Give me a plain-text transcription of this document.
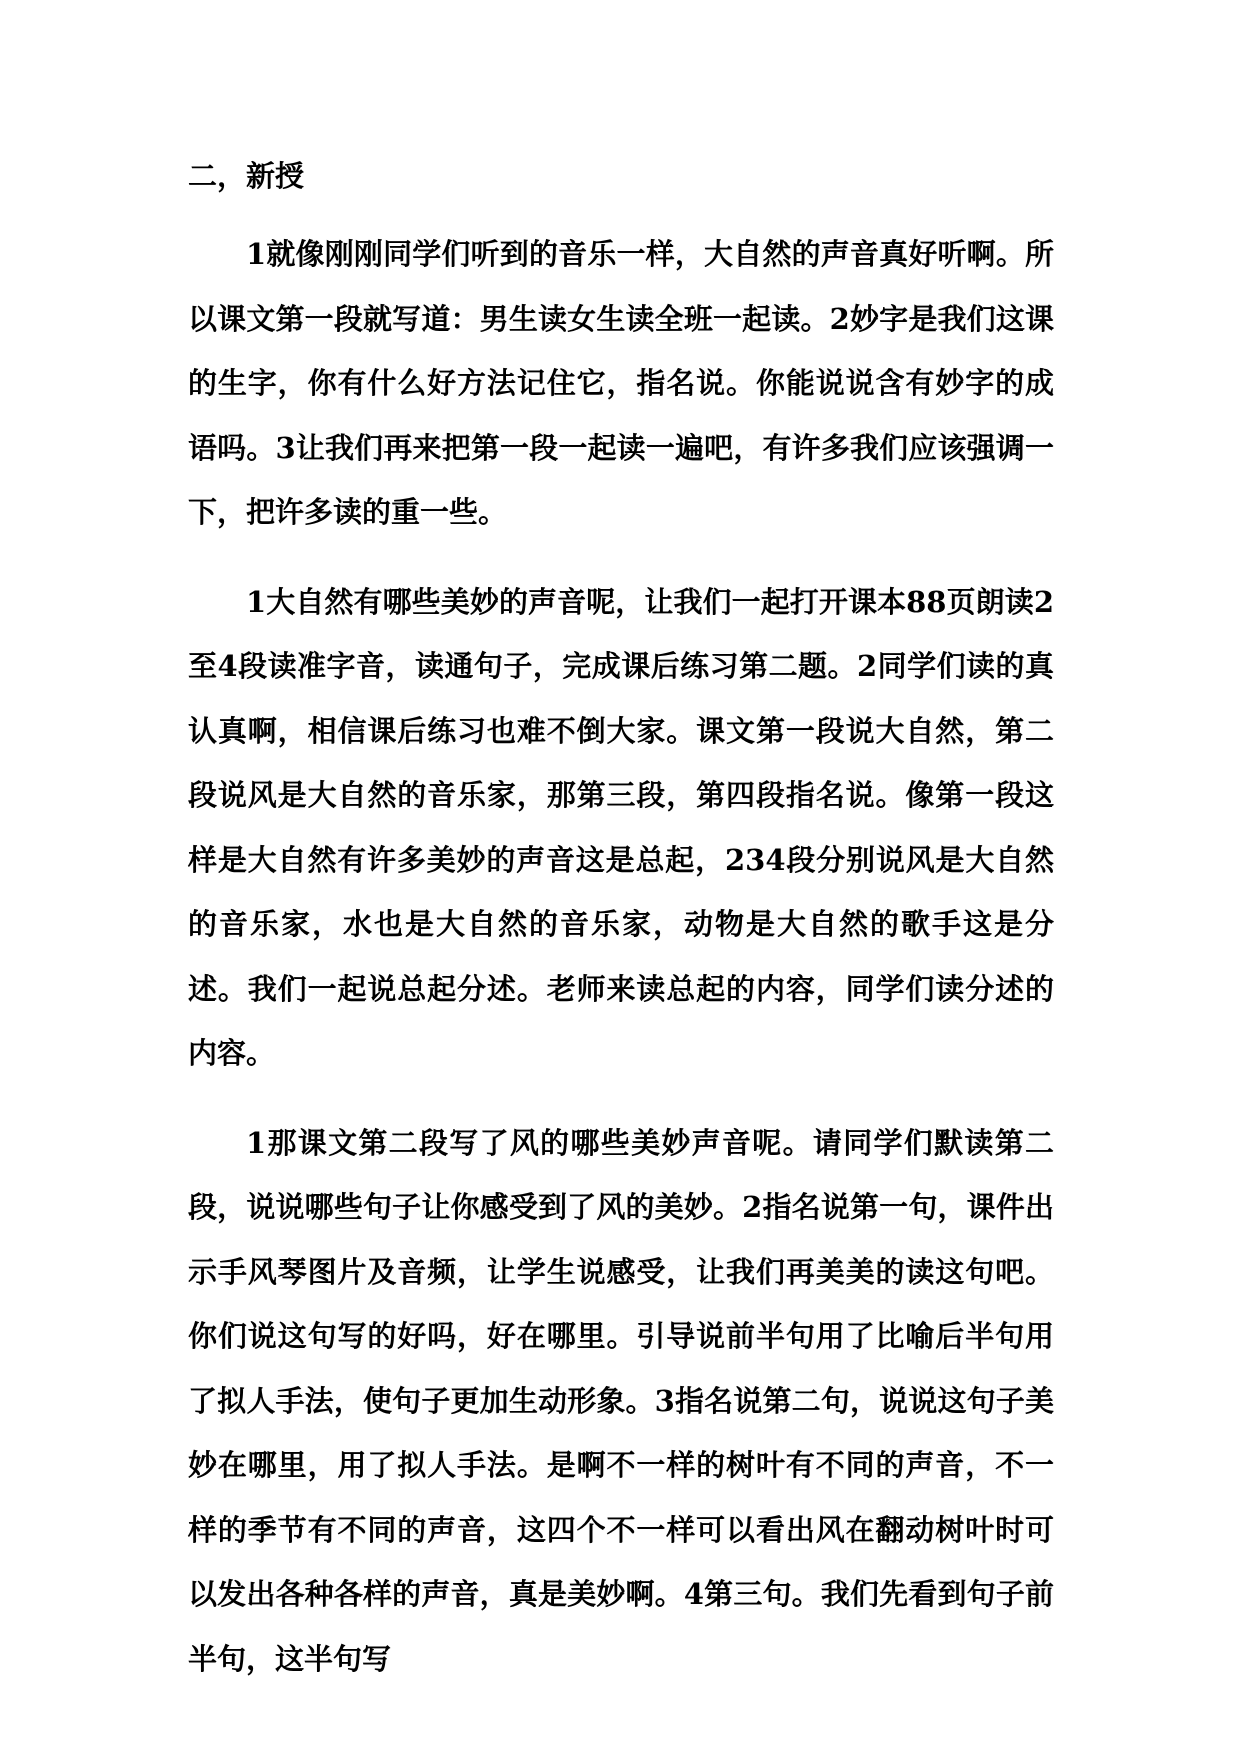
二，新授

1就像刚刚同学们听到的音乐一样，大自然的声音真好听啊。所以课文第一段就写道：男生读女生读全班一起读。2妙字是我们这课的生字，你有什么好方法记住它，指名说。你能说说含有妙字的成语吗。3让我们再来把第一段一起读一遍吧，有许多我们应该强调一下，把许多读的重一些。

1大自然有哪些美妙的声音呢，让我们一起打开课本88页朗读2至4段读准字音，读通句子，完成课后练习第二题。2同学们读的真认真啊，相信课后练习也难不倒大家。课文第一段说大自然，第二段说风是大自然的音乐家，那第三段，第四段指名说。像第一段这样是大自然有许多美妙的声音这是总起，234段分别说风是大自然的音乐家，水也是大自然的音乐家，动物是大自然的歌手这是分述。我们一起说总起分述。老师来读总起的内容，同学们读分述的内容。

1那课文第二段写了风的哪些美妙声音呢。请同学们默读第二段，说说哪些句子让你感受到了风的美妙。2指名说第一句，课件出示手风琴图片及音频，让学生说感受，让我们再美美的读这句吧。你们说这句写的好吗，好在哪里。引导说前半句用了比喻后半句用了拟人手法，使句子更加生动形象。3指名说第二句，说说这句子美妙在哪里，用了拟人手法。是啊不一样的树叶有不同的声音，不一样的季节有不同的声音，这四个不一样可以看出风在翻动树叶时可以发出各种各样的声音，真是美妙啊。4第三句。我们先看到句子前半句，这半句写
